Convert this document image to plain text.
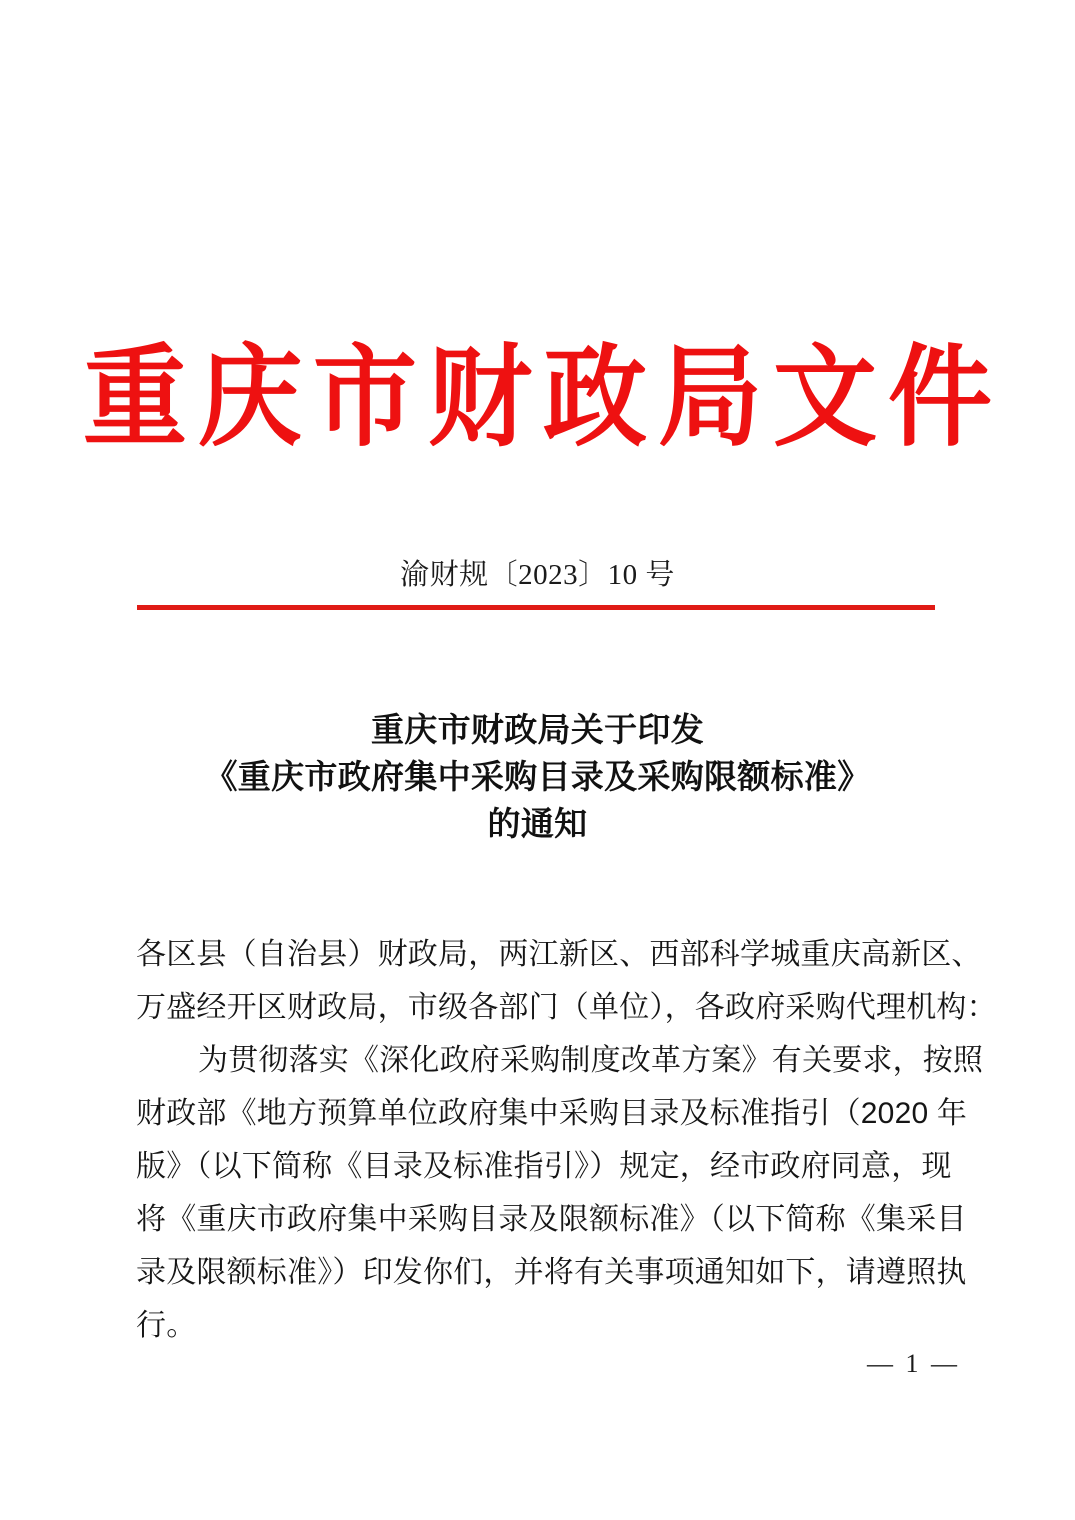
重庆市财政局文件
渝财规〔2023〕10 号
重庆市财政局关于印发
《重庆市政府集中采购目录及采购限额标准》
的通知
各区县（自治县）财政局，两江新区、西部科学城重庆高新区、
万盛经开区财政局，市级各部门（单位），各政府采购代理机构：
为贯彻落实《深化政府采购制度改革方案》有关要求，按照
财政部《地方预算单位政府集中采购目录及标准指引（2020 年
版》（以下简称《目录及标准指引》）规定，经市政府同意，现
将《重庆市政府集中采购目录及限额标准》（以下简称《集采目
录及限额标准》）印发你们，并将有关事项通知如下，请遵照执
行。
— 1 —
